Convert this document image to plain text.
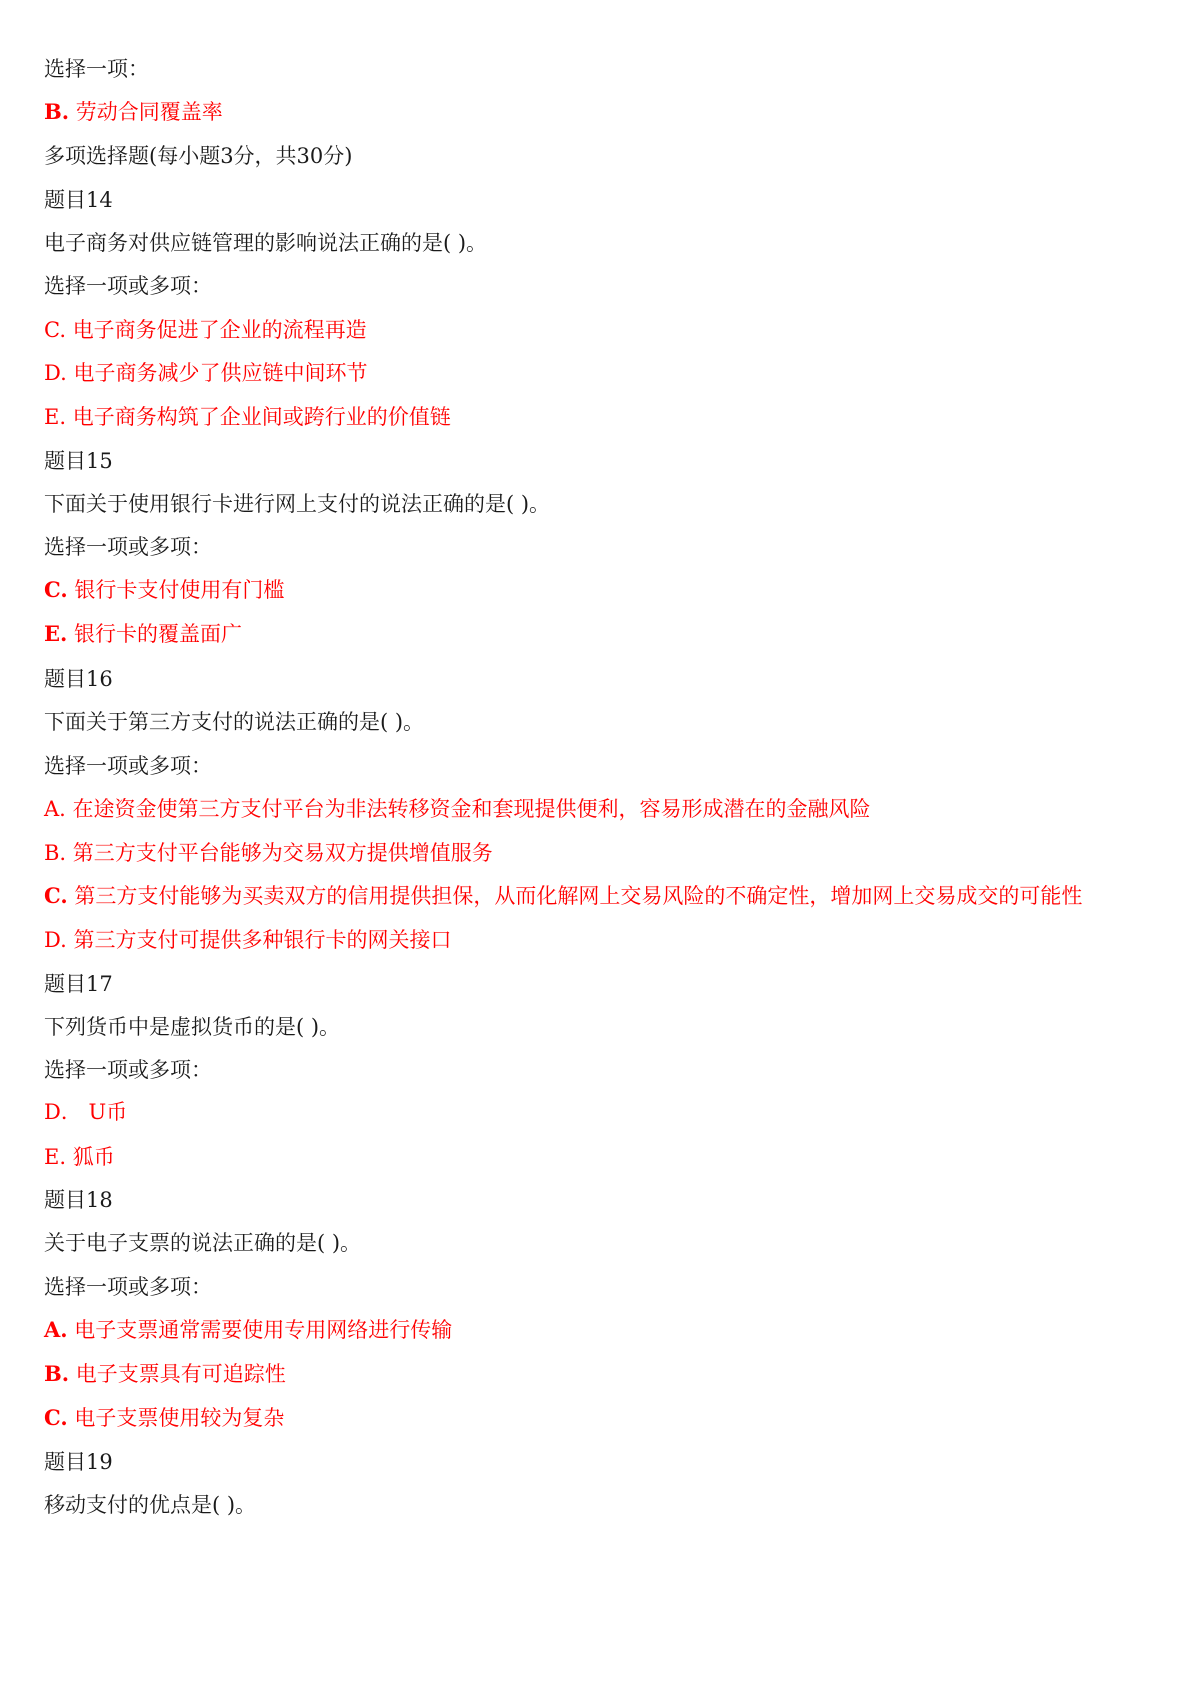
选择一项：
B. 劳动合同覆盖率
多项选择题(每小题3分，共30分)
题目14
电子商务对供应链管理的影响说法正确的是( )。
选择一项或多项：
C. 电子商务促进了企业的流程再造
D. 电子商务减少了供应链中间环节
E. 电子商务构筑了企业间或跨行业的价值链
题目15
下面关于使用银行卡进行网上支付的说法正确的是( )。
选择一项或多项：
C. 银行卡支付使用有门槛
E. 银行卡的覆盖面广
题目16
下面关于第三方支付的说法正确的是( )。
选择一项或多项：
A. 在途资金使第三方支付平台为非法转移资金和套现提供便利，容易形成潜在的金融风险
B. 第三方支付平台能够为交易双方提供增值服务
C. 第三方支付能够为买卖双方的信用提供担保，从而化解网上交易风险的不确定性，增加网上交易成交的可能性
D. 第三方支付可提供多种银行卡的网关接口
题目17
下列货币中是虚拟货币的是( )。
选择一项或多项：
D． U币
E. 狐币
题目18
关于电子支票的说法正确的是( )。
选择一项或多项：
A. 电子支票通常需要使用专用网络进行传输
B. 电子支票具有可追踪性
C. 电子支票使用较为复杂
题目19
移动支付的优点是( )。
